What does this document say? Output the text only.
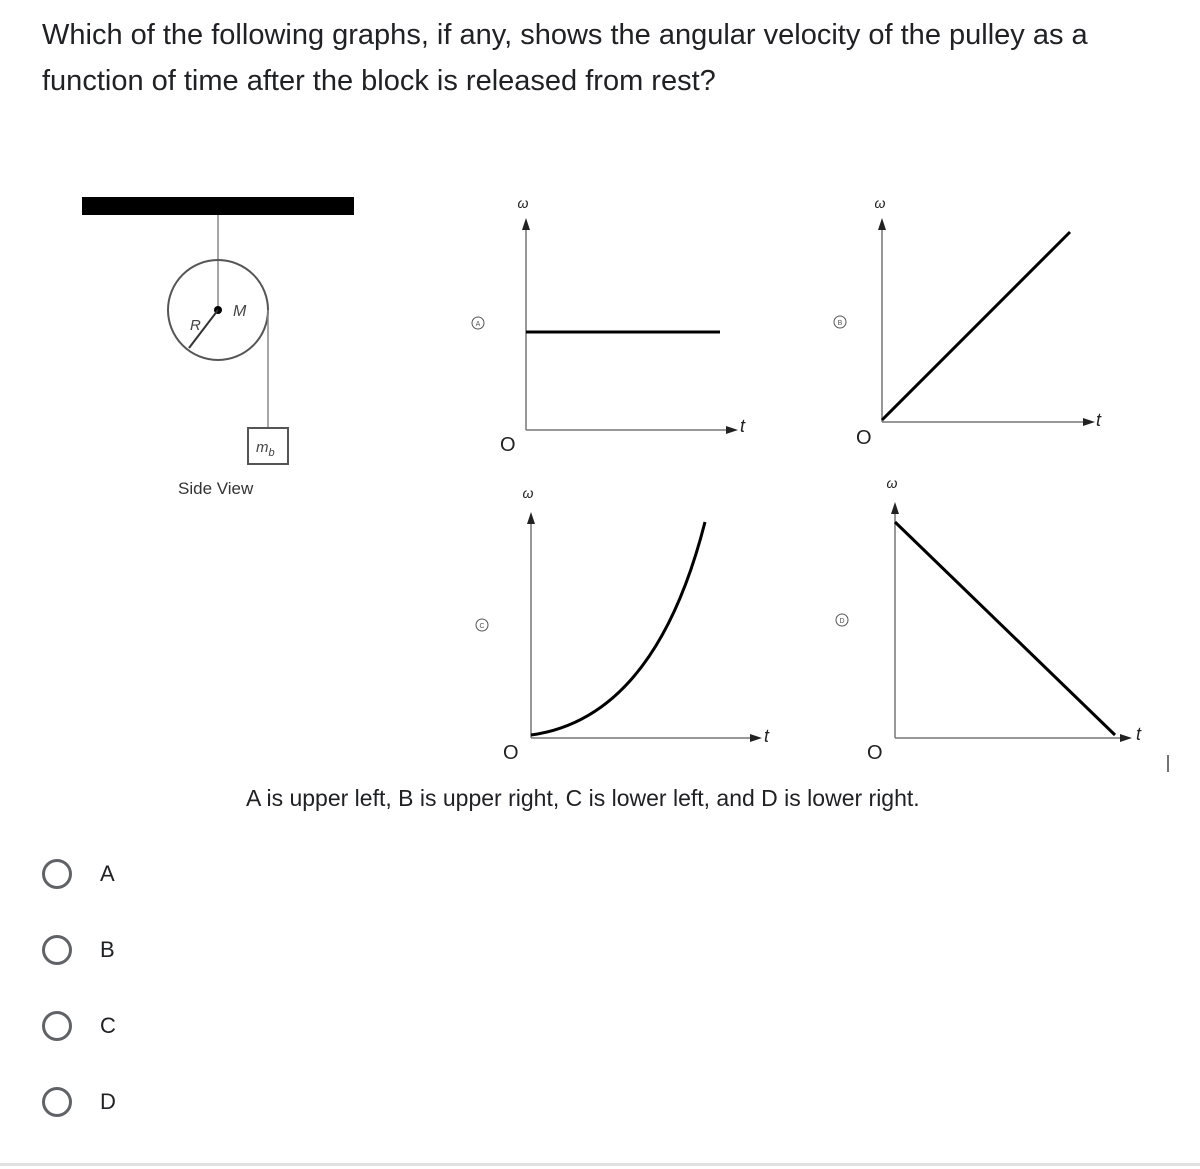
Which of the following graphs, if any, shows the angular velocity of the pulley as a function of time after the block is released from rest?
R
M
$m_b$
Side View
A
ω
t
O
B
ω
t
O
C
ω
t
O
D
ω
t
O
A is upper left, B is upper right, C is lower left, and D is lower right.
A
B
C
D
